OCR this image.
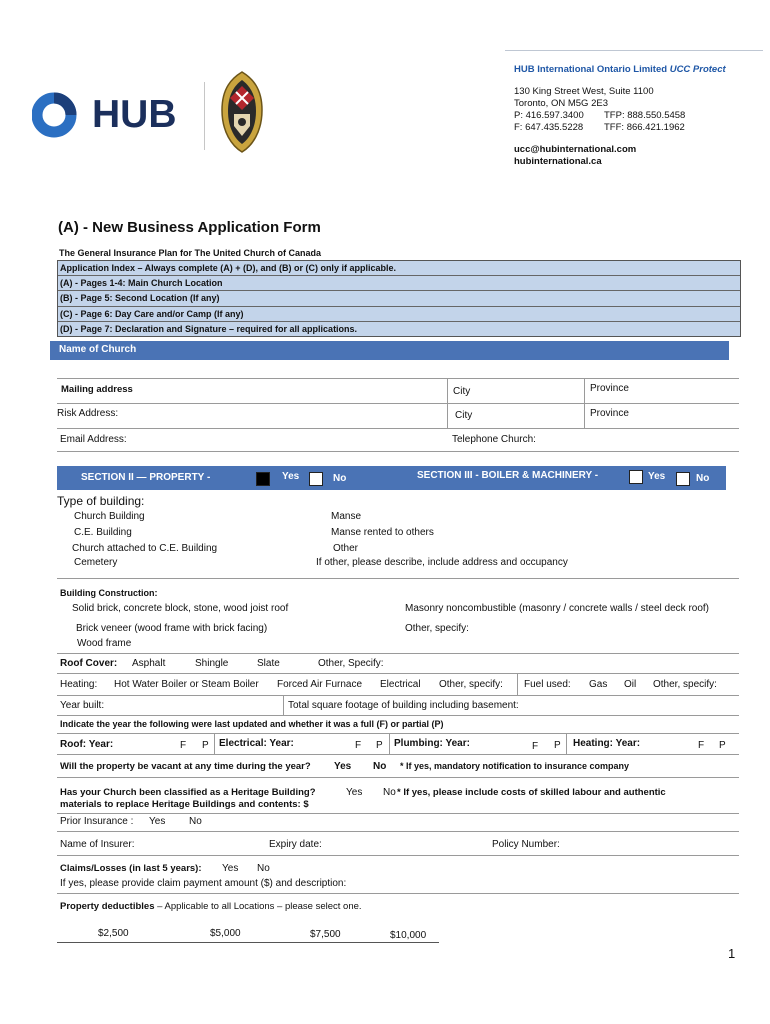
HUB International Ontario Limited UCC Protect
130 King Street West, Suite 1100
Toronto, ON M5G 2E3
P: 416.597.3400 TFP: 888.550.5458
F: 647.435.5228 TFF: 866.421.1962
ucc@hubinternational.com
hubinternational.ca
HUB
(A) - New Business Application Form
The General Insurance Plan for The United Church of Canada
Application Index – Always complete (A) + (D), and (B) or (C) only if applicable.
(A) - Pages 1-4: Main Church Location
(B) - Page 5: Second Location (If any)
(C) - Page 6: Day Care and/or Camp (If any)
(D) - Page 7: Declaration and Signature – required for all applications.
Name of Church
Mailing address	City	Province
Risk Address:	City	Province
Email Address:	Telephone Church:
SECTION II — PROPERTY -	SECTION III - BOILER & MACHINERY -
Yes	No	Yes	No
Type of building:
Church Building
C.E. Building
Church attached to C.E. Building
Cemetery
Manse
Manse rented to others
Other
If other, please describe, include address and occupancy
Building Construction:
Solid brick, concrete block, stone, wood joist roof	Masonry noncombustible (masonry / concrete walls / steel deck roof)
Brick veneer (wood frame with brick facing)	Other, specify:
Wood frame
Roof Cover: Asphalt	Shingle	Slate	Other, Specify:
Heating: Hot Water Boiler or Steam Boiler Forced Air Furnace Electrical Other, specify: Fuel used: Gas Oil Other, specify:
Year built:	Total square footage of building including basement:
Indicate the year the following were last updated and whether it was a full (F) or partial (P)
Roof: Year:	F P Electrical: Year:	F P Plumbing: Year:	F P Heating: Year:	F P
Will the property be vacant at any time during the year? Yes No * If yes, mandatory notification to insurance company
Has your Church been classified as a Heritage Building?	Yes No * If yes, please include costs of skilled labour and authentic
materials to replace Heritage Buildings and contents: $
Prior Insurance : Yes No
Name of Insurer:	Expiry date:	Policy Number:
Claims/Losses (in last 5 years): Yes No
If yes, please provide claim payment amount ($) and description:
Property deductibles – Applicable to all Locations – please select one.
$2,500	$5,000	$7,500	$10,000
1
